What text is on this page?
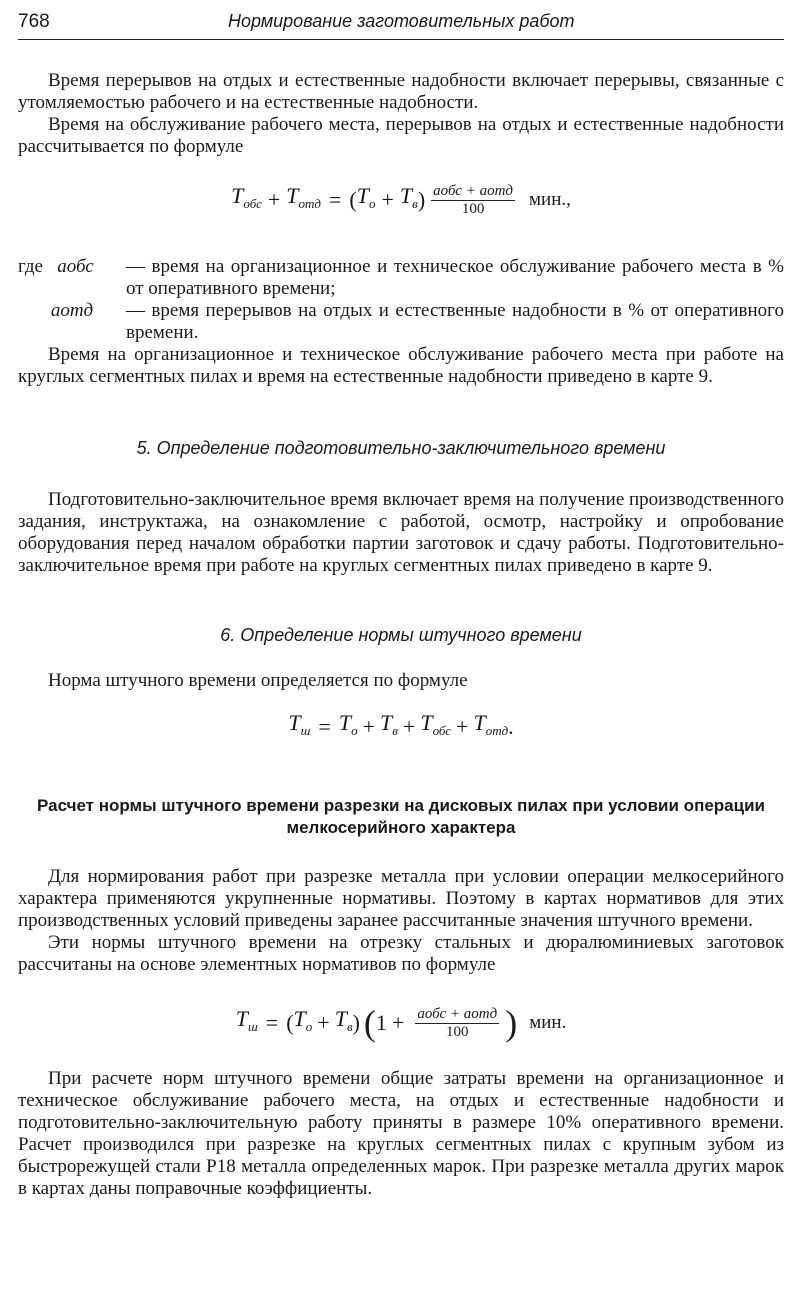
768	Нормирование заготовительных работ

Время перерывов на отдых и естественные надобности включает перерывы, связанные с утомляемостью рабочего и на естественные надобности.

Время на обслуживание рабочего места, перерывов на отдых и естественные надобности рассчитывается по формуле

$T_{обс} + T_{отд}$ = ( $T_о + T_в$ ) $\frac{\text{aобс + aотд}}{100}$ мин.,
где aобс	— время на организационное и техническое обслуживание рабочего места в % от оперативного времени;
aотд	— время перерывов на отдых и естественные надобности в % от оперативного времени.

Время на организационное и техническое обслуживание рабочего места при работе на круглых сегментных пилах и время на естественные надобности приведено в карте 9.

5. Определение подготовительно-заключительного времени

Подготовительно-заключительное время включает время на получение производственного задания, инструктажа, на ознакомление с работой, осмотр, настройку и опробование оборудования перед началом обработки партии заготовок и сдачу работы. Подготовительно-заключительное время при работе на круглых сегментных пилах приведено в карте 9.

6. Определение нормы штучного времени

Норма штучного времени определяется по формуле

$T_ш = T_о + T_в + T_{обс} + T_{отд}$ .
Расчет нормы штучного времени разрезки на дисковых пилах при условии операции мелкосерийного характера

Для нормирования работ при разрезке металла при условии операции мелкосерийного характера применяются укрупненные нормативы. Поэтому в картах нормативов для этих производственных условий приведены заранее рассчитанные значения штучного времени.

Эти нормы штучного времени на отрезку стальных и дюралюминиевых заготовок рассчитаны на основе элементных нормативов по формуле

$T_ш$ = ( $T_о + T_в$ ) ( $1 + \frac{\text{aобс + aотд}}{100}$ ) мин.

При расчете норм штучного времени общие затраты времени на организационное и техническое обслуживание рабочего места, на отдых и естественные надобности и подготовительно-заключительную работу приняты в размере 10% оперативного времени. Расчет производился при разрезке на круглых сегментных пилах с крупным зубом из быстрорежущей стали Р18 металла определенных марок. При разрезке металла других марок в картах даны поправочные коэффициенты.
